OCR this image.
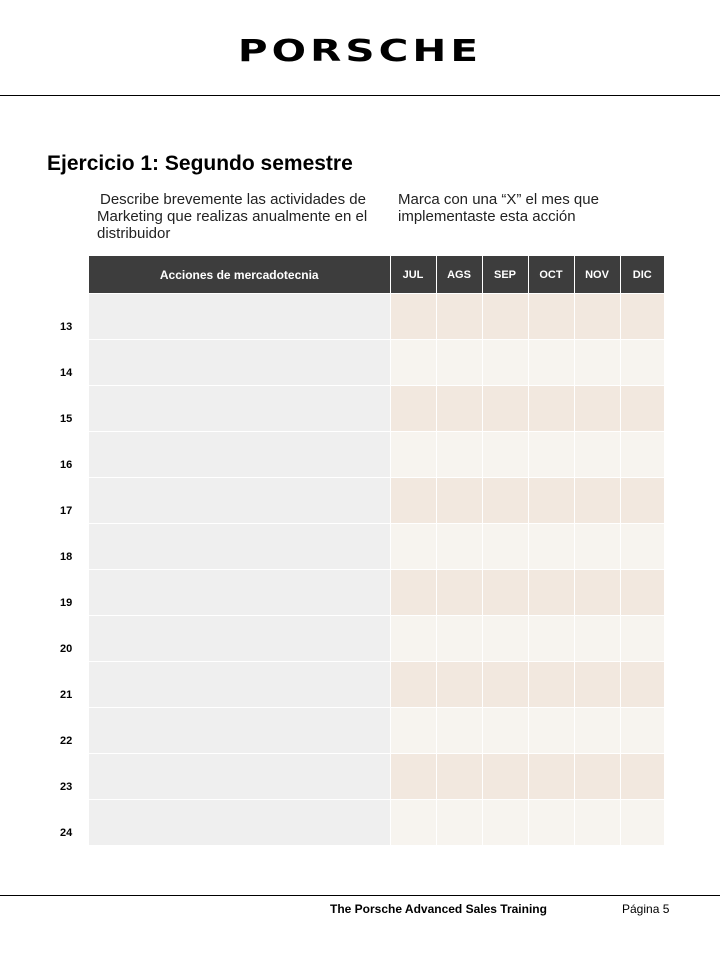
PORSCHE
Ejercicio 1: Segundo semestre
Describe brevemente las actividades de Marketing que realizas anualmente en el distribuidor
Marca con una “X” el mes que implementaste esta acción
Acciones de mercadotecnia	JUL	AGS	SEP	OCT	NOV	DIC

13
14
15
16
17
18
19
20
21
22
23
24
The Porsche Advanced Sales Training	Página 5
